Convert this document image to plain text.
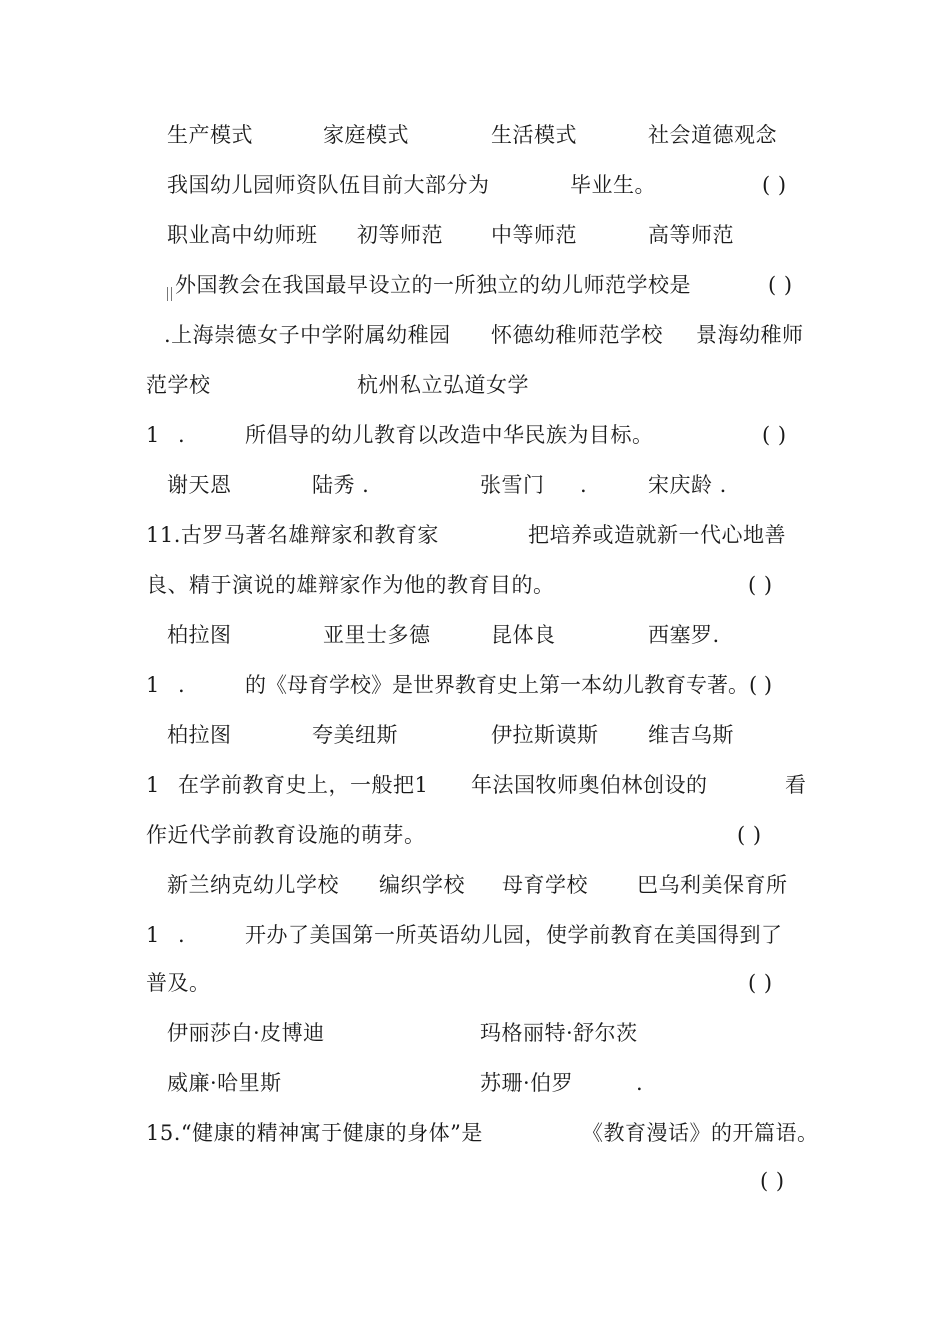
生产模式	家庭模式	生活模式	社会道德观念
我国幼儿园师资队伍目前大部分为	毕业生。	( )
职业高中幼师班 初等师范 中等师范	高等师范
外国教会在我国最早设立的一所独立的幼儿师范学校是	( )
.上海崇德女子中学附属幼稚园 怀德幼稚师范学校 景海幼稚师
范学校	杭州私立弘道女学
1 .	所倡导的幼儿教育以改造中华民族为目标。	( )
谢天恩	陆秀 .	张雪门 .	宋庆龄 .
11.古罗马著名雄辩家和教育家	把培养或造就新一代心地善
良、精于演说的雄辩家作为他的教育目的。	( )
柏拉图	亚里士多德	昆体良	西塞罗.
1 .	的《母育学校》是世界教育史上第一本幼儿教育专著。( )
柏拉图	夸美纽斯	伊拉斯谟斯 维吉乌斯
1 在学前教育史上，一般把1 年法国牧师奥伯林创设的	看
作近代学前教育设施的萌芽。	( )
新兰纳克幼儿学校 编织学校 母育学校 巴乌利美保育所
1 .	开办了美国第一所英语幼儿园，使学前教育在美国得到了
普及。	( )
伊丽莎白·皮博迪	玛格丽特·舒尔茨
威廉·哈里斯	苏珊·伯罗	.
15.“健康的精神寓于健康的身体”是	《教育漫话》的开篇语。
( )
